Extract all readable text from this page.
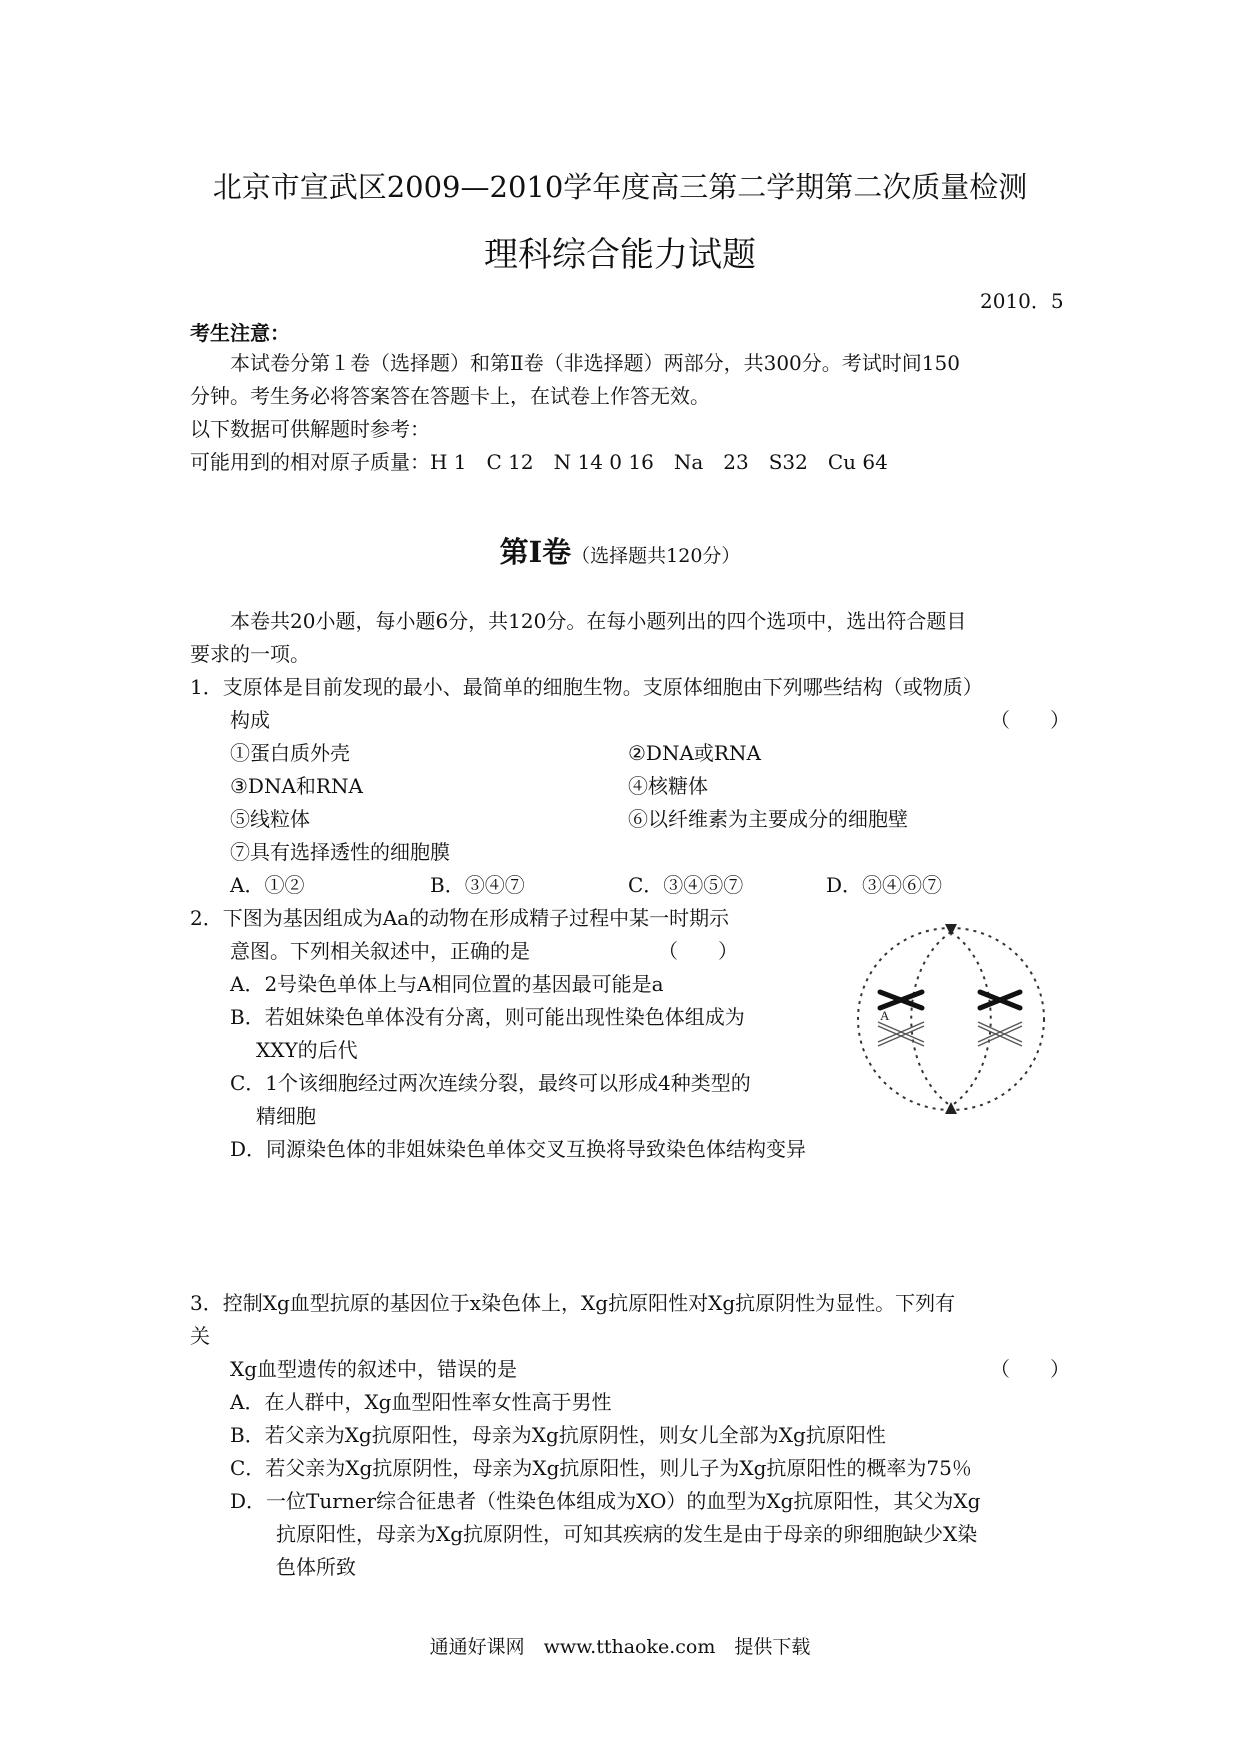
北京市宣武区2009—2010学年度高三第二学期第二次质量检测
理科综合能力试题
2010．5
考生注意：
本试卷分第１卷（选择题）和第Ⅱ卷（非选择题）两部分，共300分。考试时间150
分钟。考生务必将答案答在答题卡上，在试卷上作答无效。
以下数据可供解题时参考：
可能用到的相对原子质量：H 1　C 12　N 14 0 16　Na　23　S32　Cu 64
第Ⅰ卷（选择题共120分）
本卷共20小题，每小题6分，共120分。在每小题列出的四个选项中，选出符合题目
要求的一项。
1．支原体是目前发现的最小、最简单的细胞生物。支原体细胞由下列哪些结构（或物质）
构成	（　　）
①蛋白质外壳	②DNA或RNA
③DNA和RNA	④核糖体
⑤线粒体	⑥以纤维素为主要成分的细胞壁
⑦具有选择透性的细胞膜
A．①②	B．③④⑦	C．③④⑤⑦	D．③④⑥⑦
2．下图为基因组成为Aa的动物在形成精子过程中某一时期示
意图。下列相关叙述中，正确的是	（　　）
A．2号染色单体上与A相同位置的基因最可能是a
B．若姐妹染色单体没有分离，则可能出现性染色体组成为
XXY的后代
C．1个该细胞经过两次连续分裂，最终可以形成4种类型的
精细胞
D．同源染色体的非姐妹染色单体交叉互换将导致染色体结构变异
A
3．控制Xg血型抗原的基因位于x染色体上，Xg抗原阳性对Xg抗原阴性为显性。下列有
关
Xg血型遗传的叙述中，错误的是	（　　）
A．在人群中，Xg血型阳性率女性高于男性
B．若父亲为Xg抗原阳性，母亲为Xg抗原阴性，则女儿全部为Xg抗原阳性
C．若父亲为Xg抗原阴性，母亲为Xg抗原阳性，则儿子为Xg抗原阳性的概率为75％
D．一位Turner综合征患者（性染色体组成为XO）的血型为Xg抗原阳性，其父为Xg
抗原阳性，母亲为Xg抗原阴性，可知其疾病的发生是由于母亲的卵细胞缺少X染
色体所致
通通好课网　www.tthaoke.com　提供下载
